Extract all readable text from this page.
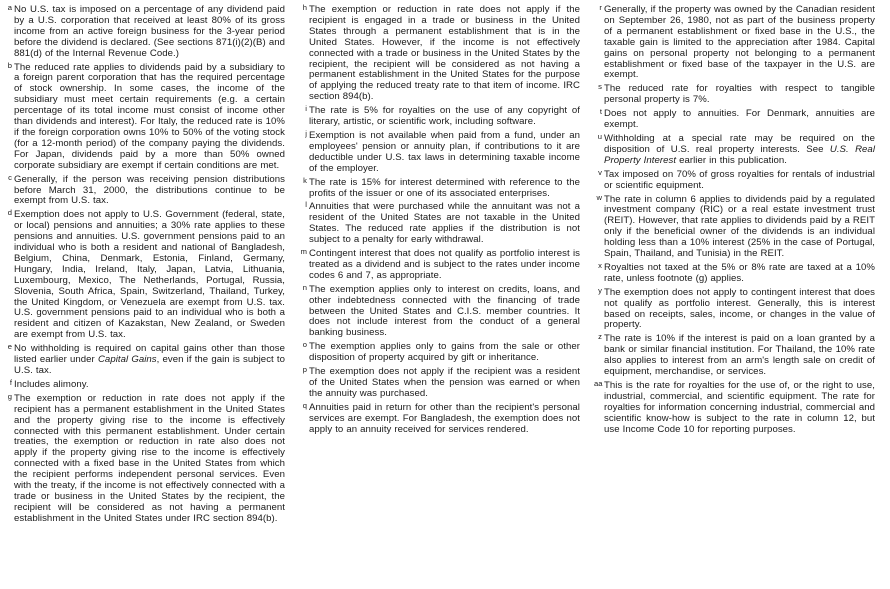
a No U.S. tax is imposed on a percentage of any dividend paid by a U.S. corporation that received at least 80% of its gross income from an active foreign business for the 3-year period before the dividend is declared. (See sections 871(i)(2)(B) and 881(d) of the Internal Revenue Code.)
b The reduced rate applies to dividends paid by a subsidiary to a foreign parent corporation that has the required percentage of stock ownership. In some cases, the income of the subsidiary must meet certain requirements (e.g. a certain percentage of its total income must consist of income other than dividends and interest). For Italy, the reduced rate is 10% if the foreign corporation owns 10% to 50% of the voting stock (for a 12-month period) of the company paying the dividends. For Japan, dividends paid by a more than 50% owned corporate subsidiary are exempt if certain conditions are met.
c Generally, if the person was receiving pension distributions before March 31, 2000, the distributions continue to be exempt from U.S. tax.
d Exemption does not apply to U.S. Government (federal, state, or local) pensions and annuities; a 30% rate applies to these pensions and annuities. U.S. government pensions paid to an individual who is both a resident and national of Bangladesh, Belgium, China, Denmark, Estonia, Finland, Germany, Hungary, India, Ireland, Italy, Japan, Latvia, Lithuania, Luxembourg, Mexico, The Netherlands, Portugal, Russia, Slovenia, South Africa, Spain, Switzerland, Thailand, Turkey, the United Kingdom, or Venezuela are exempt from U.S. tax. U.S. government pensions paid to an individual who is both a resident and citizen of Kazakstan, New Zealand, or Sweden are exempt from U.S. tax.
e No withholding is required on capital gains other than those listed earlier under Capital Gains, even if the gain is subject to U.S. tax.
f Includes alimony.
g The exemption or reduction in rate does not apply if the recipient has a permanent establishment in the United States and the property giving rise to the income is effectively connected with this permanent establishment. Under certain treaties, the exemption or reduction in rate also does not apply if the property giving rise to the income is effectively connected with a fixed base in the United States from which the recipient performs independent personal services. Even with the treaty, if the income is not effectively connected with a trade or business in the United States by the recipient, the recipient will be considered as not having a permanent establishment in the United States under IRC section 894(b).
h The exemption or reduction in rate does not apply if the recipient is engaged in a trade or business in the United States through a permanent establishment that is in the United States. However, if the income is not effectively connected with a trade or business in the United States by the recipient, the recipient will be considered as not having a permanent establishment in the United States for the purpose of applying the reduced treaty rate to that item of income. IRC section 894(b).
i The rate is 5% for royalties on the use of any copyright of literary, artistic, or scientific work, including software.
j Exemption is not available when paid from a fund, under an employees' pension or annuity plan, if contributions to it are deductible under U.S. tax laws in determining taxable income of the employer.
k The rate is 15% for interest determined with reference to the profits of the issuer or one of its associated enterprises.
l Annuities that were purchased while the annuitant was not a resident of the United States are not taxable in the United States. The reduced rate applies if the distribution is not subject to a penalty for early withdrawal.
m Contingent interest that does not qualify as portfolio interest is treated as a dividend and is subject to the rates under income codes 6 and 7, as appropriate.
n The exemption applies only to interest on credits, loans, and other indebtedness connected with the financing of trade between the United States and C.I.S. member countries. It does not include interest from the conduct of a general banking business.
o The exemption applies only to gains from the sale or other disposition of property acquired by gift or inheritance.
p The exemption does not apply if the recipient was a resident of the United States when the pension was earned or when the annuity was purchased.
q Annuities paid in return for other than the recipient's personal services are exempt. For Bangladesh, the exemption does not apply to an annuity received for services rendered.
r Generally, if the property was owned by the Canadian resident on September 26, 1980, not as part of the business property of a permanent establishment or fixed base in the U.S., the taxable gain is limited to the appreciation after 1984. Capital gains on personal property not belonging to a permanent establishment or fixed base of the taxpayer in the U.S. are exempt.
s The reduced rate for royalties with respect to tangible personal property is 7%.
t Does not apply to annuities. For Denmark, annuities are exempt.
u Withholding at a special rate may be required on the disposition of U.S. real property interests. See U.S. Real Property Interest earlier in this publication.
v Tax imposed on 70% of gross royalties for rentals of industrial or scientific equipment.
w The rate in column 6 applies to dividends paid by a regulated investment company (RIC) or a real estate investment trust (REIT). However, that rate applies to dividends paid by a REIT only if the beneficial owner of the dividends is an individual holding less than a 10% interest (25% in the case of Portugal, Spain, Thailand, and Tunisia) in the REIT.
x Royalties not taxed at the 5% or 8% rate are taxed at a 10% rate, unless footnote (g) applies.
y The exemption does not apply to contingent interest that does not qualify as portfolio interest. Generally, this is interest based on receipts, sales, income, or changes in the value of property.
z The rate is 10% if the interest is paid on a loan granted by a bank or similar financial institution. For Thailand, the 10% rate also applies to interest from an arm's length sale on credit of equipment, merchandise, or services.
aa This is the rate for royalties for the use of, or the right to use, industrial, commercial, and scientific equipment. The rate for royalties for information concerning industrial, commercial and scientific know-how is subject to the rate in column 12, but use Income Code 10 for reporting purposes.
